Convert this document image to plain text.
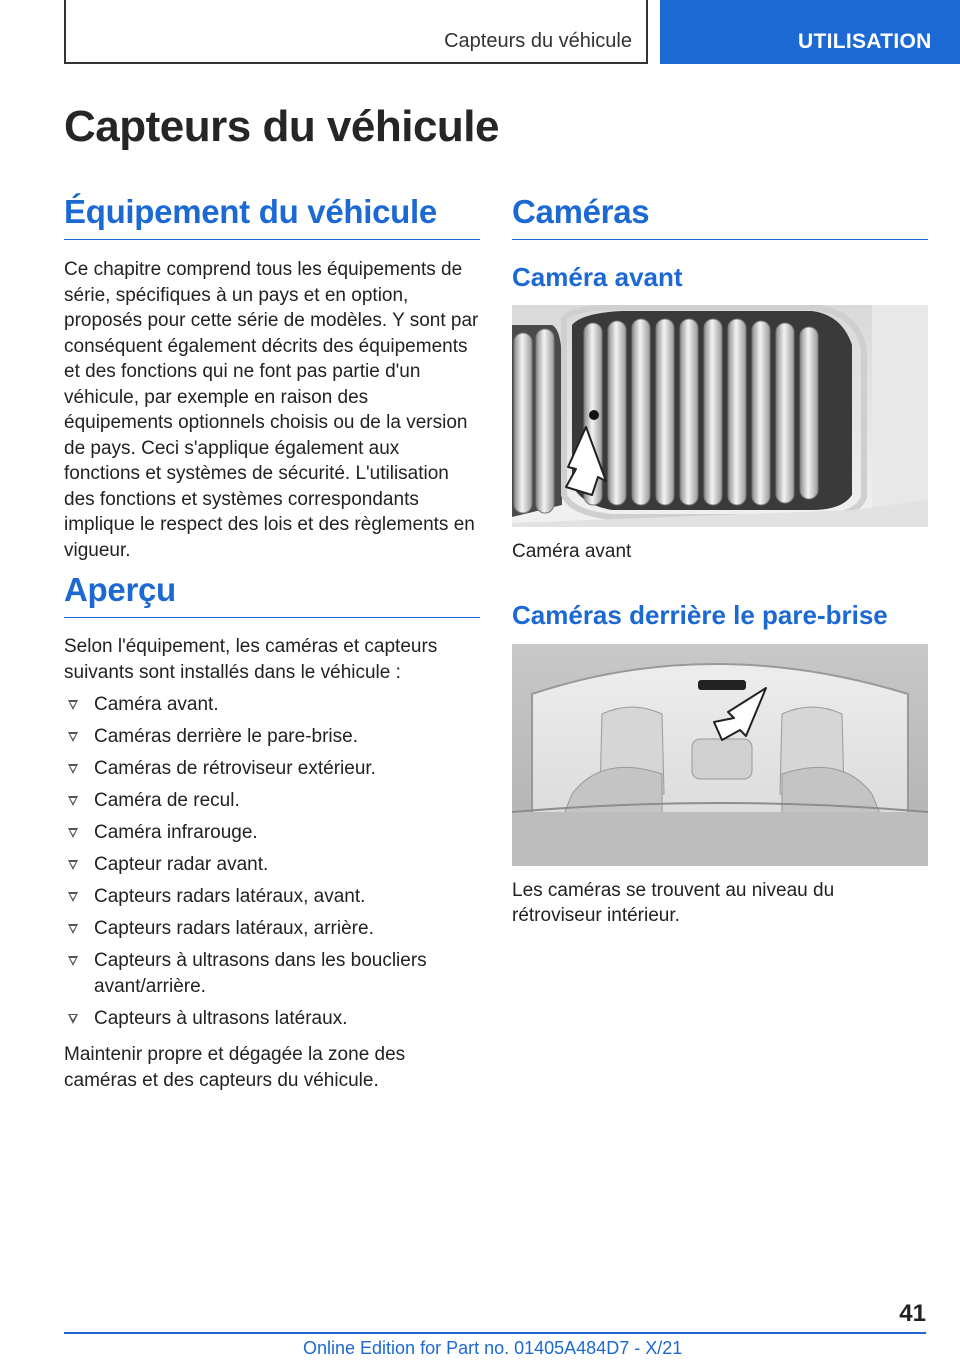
Capteurs du véhicule	UTILISATION
Capteurs du véhicule
Équipement du véhicule

Ce chapitre comprend tous les équipements de série, spécifiques à un pays et en option, proposés pour cette série de modèles. Y sont par conséquent également décrits des équipements et des fonctions qui ne font pas partie d'un véhicule, par exemple en raison des équipements optionnels choisis ou de la version de pays. Ceci s'applique également aux fonctions et systèmes de sécurité. L'utilisation des fonctions et systèmes correspondants implique le respect des lois et des règlements en vigueur.

Aperçu

Selon l'équipement, les caméras et capteurs suivants sont installés dans le véhicule :

Caméra avant.
Caméras derrière le pare-brise.
Caméras de rétroviseur extérieur.
Caméra de recul.
Caméra infrarouge.
Capteur radar avant.
Capteurs radars latéraux, avant.
Capteurs radars latéraux, arrière.
Capteurs à ultrasons dans les boucliers avant/arrière.
Capteurs à ultrasons latéraux.

Maintenir propre et dégagée la zone des caméras et des capteurs du véhicule.

Caméras
Caméra avant

Caméra avant

Caméras derrière le pare-brise

Les caméras se trouvent au niveau du rétroviseur intérieur.

41
Online Edition for Part no. 01405A484D7 - X/21
